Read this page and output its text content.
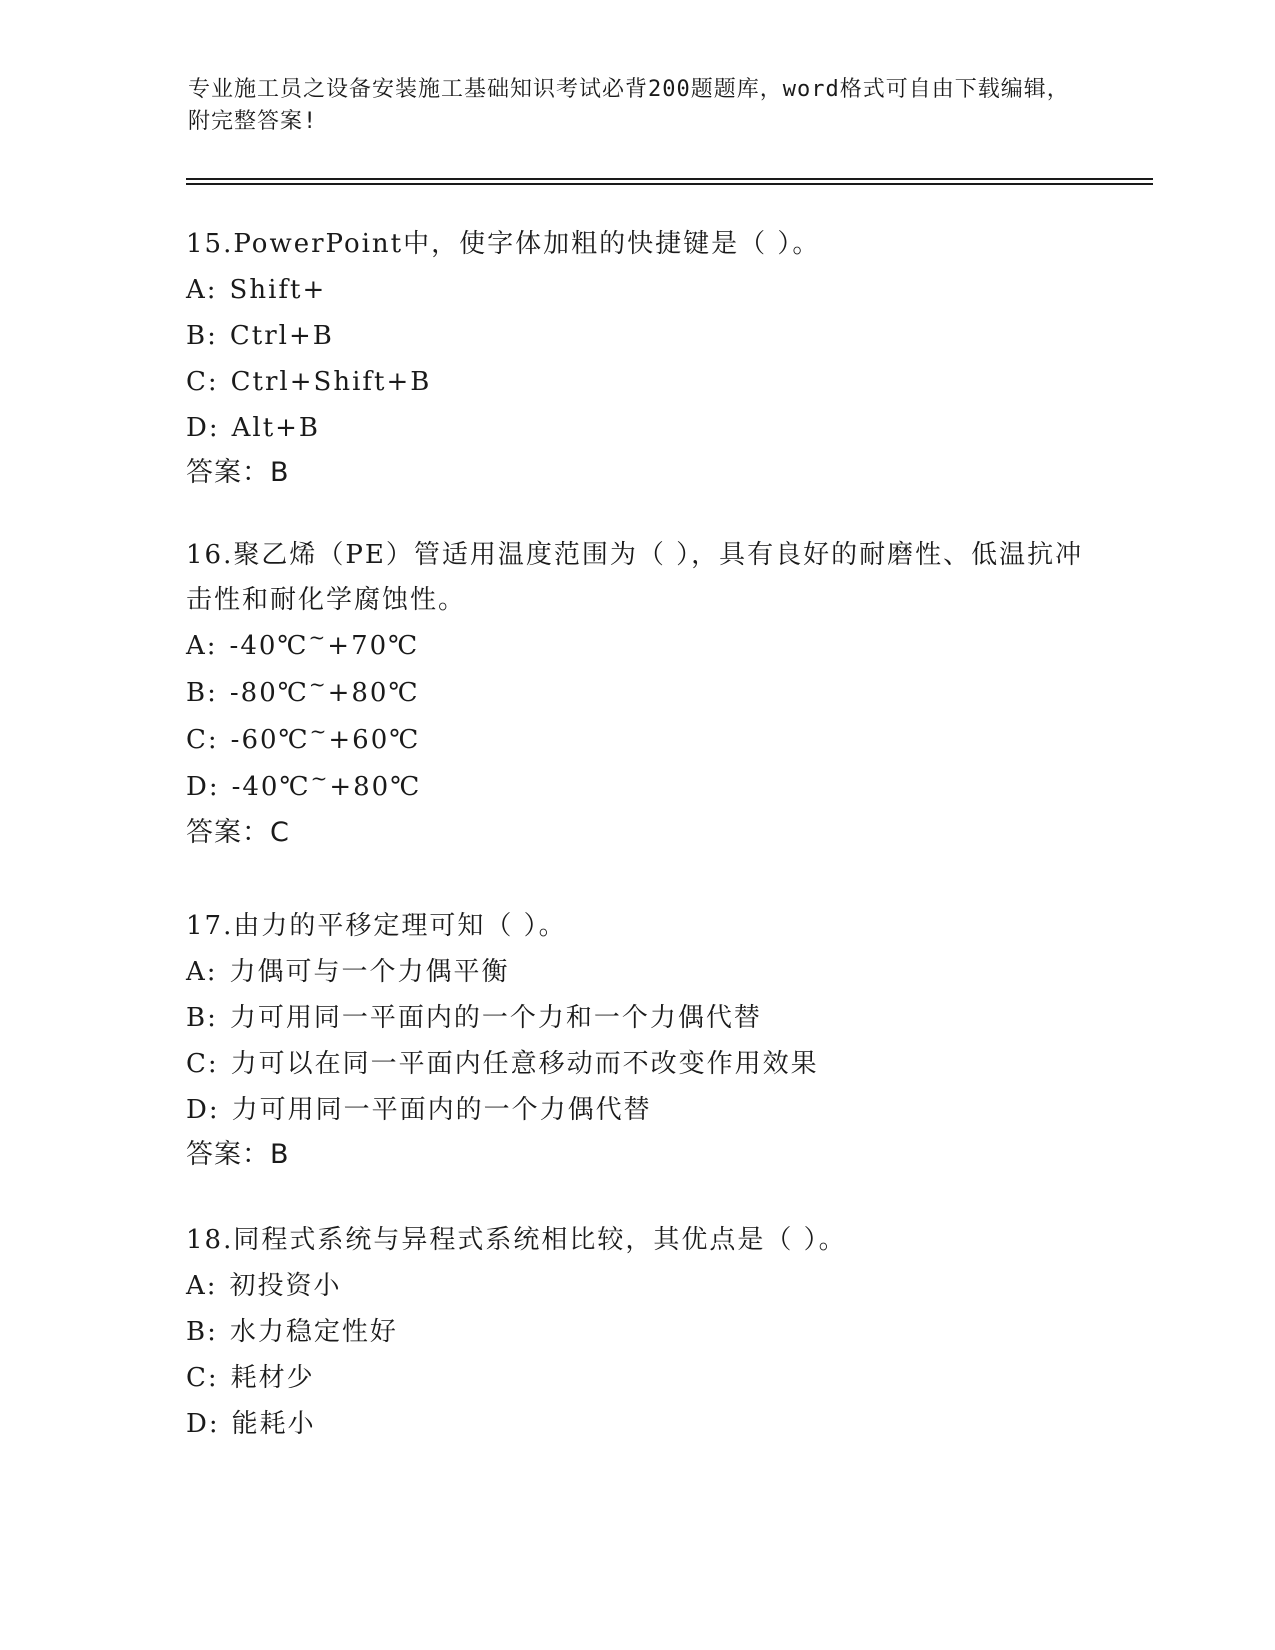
专业施工员之设备安装施工基础知识考试必背200题题库，word格式可自由下载编辑，附完整答案!

15.PowerPoint中，使字体加粗的快捷键是（ ）。

A: Shift+

B: Ctrl+B

C: Ctrl+Shift+B

D: Alt+B

答案：B

16.聚乙烯（PE）管适用温度范围为（ ），具有良好的耐磨性、低温抗冲击性和耐化学腐蚀性。

A: -40℃~+70℃

B: -80℃~+80℃

C: -60℃~+60℃

D: -40℃~+80℃

答案：C

17.由力的平移定理可知（ ）。

A: 力偶可与一个力偶平衡

B: 力可用同一平面内的一个力和一个力偶代替

C: 力可以在同一平面内任意移动而不改变作用效果

D: 力可用同一平面内的一个力偶代替

答案：B

18.同程式系统与异程式系统相比较，其优点是（ ）。

A: 初投资小

B: 水力稳定性好

C: 耗材少

D: 能耗小
